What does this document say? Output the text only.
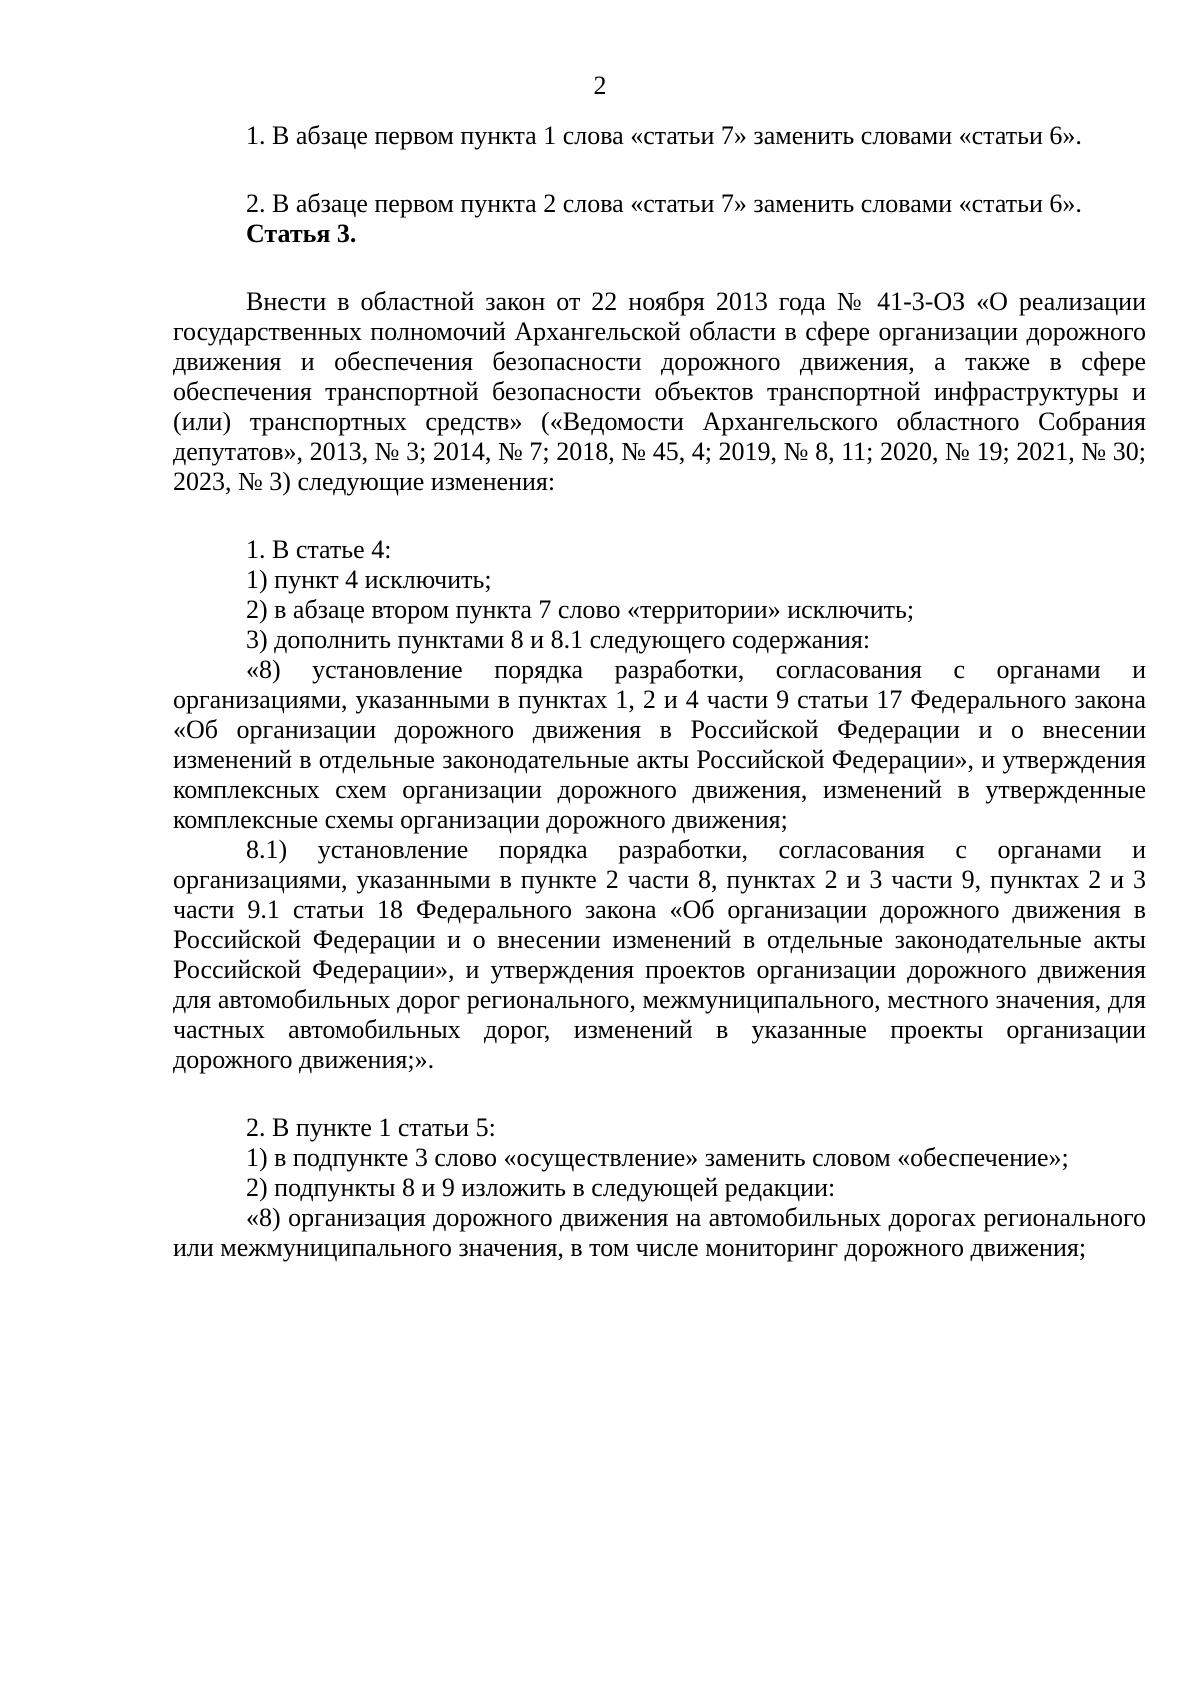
2

1. В абзаце первом пункта 1 слова «статьи 7» заменить словами «статьи 6».

2. В абзаце первом пункта 2 слова «статьи 7» заменить словами «статьи 6».

Статья 3.

Внести в областной закон от 22 ноября 2013 года № 41-3-ОЗ «О реализации государственных полномочий Архангельской области в сфере организации дорожного движения и обеспечения безопасности дорожного движения, а также в сфере обеспечения транспортной безопасности объектов транспортной инфраструктуры и (или) транспортных средств» («Ведомости Архангельского областного Собрания депутатов», 2013, № 3; 2014, № 7; 2018, № 45, 4; 2019, № 8, 11; 2020, № 19; 2021, № 30; 2023, № 3) следующие изменения:

1. В статье 4:

1) пункт 4 исключить;

2) в абзаце втором пункта 7 слово «территории» исключить;

3) дополнить пунктами 8 и 8.1 следующего содержания:

«8) установление порядка разработки, согласования с органами и организациями, указанными в пунктах 1, 2 и 4 части 9 статьи 17 Федерального закона «Об организации дорожного движения в Российской Федерации и о внесении изменений в отдельные законодательные акты Российской Федерации», и утверждения комплексных схем организации дорожного движения, изменений в утвержденные комплексные схемы организации дорожного движения;

8.1) установление порядка разработки, согласования с органами и организациями, указанными в пункте 2 части 8, пунктах 2 и 3 части 9, пунктах 2 и 3 части 9.1 статьи 18 Федерального закона «Об организации дорожного движения в Российской Федерации и о внесении изменений в отдельные законодательные акты Российской Федерации», и утверждения проектов организации дорожного движения для автомобильных дорог регионального, межмуниципального, местного значения, для частных автомобильных дорог, изменений в указанные проекты организации дорожного движения;».

2. В пункте 1 статьи 5:

1) в подпункте 3 слово «осуществление» заменить словом «обеспечение»;

2) подпункты 8 и 9 изложить в следующей редакции:

«8) организация дорожного движения на автомобильных дорогах регионального или межмуниципального значения, в том числе мониторинг дорожного движения;
